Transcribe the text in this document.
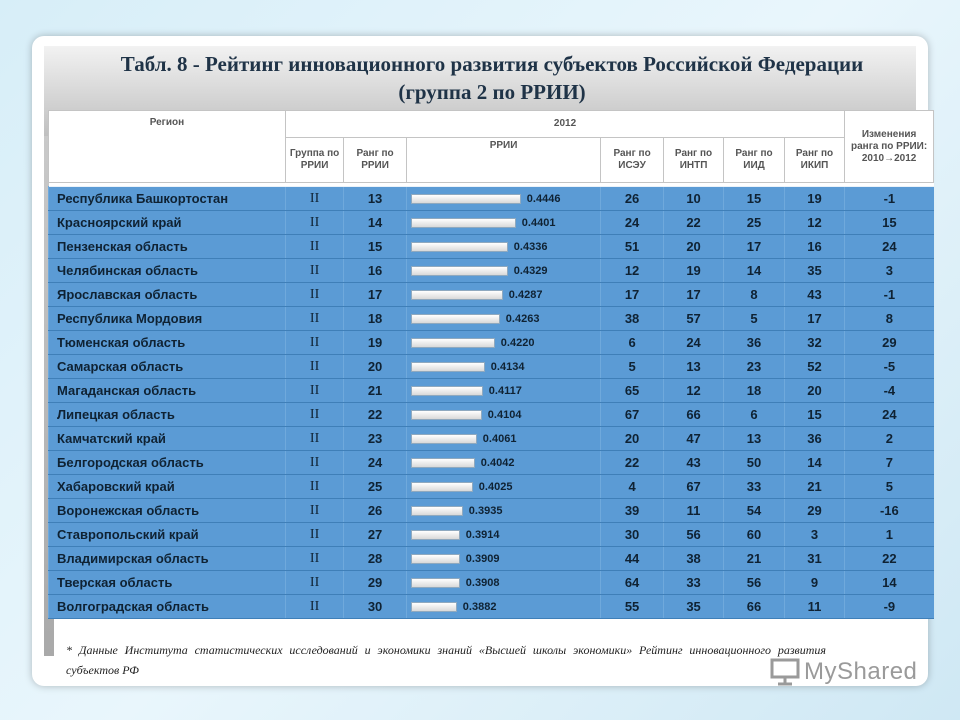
Табл. 8 - Рейтинг инновационного развития субъектов Российской Федерации
(группа 2 по РРИИ)
Регион	2012							Изменения ранга по РРИИ: 2010→2012
	Группа по РРИИ	Ранг по РРИИ	РРИИ	Ранг по ИСЭУ	Ранг по ИНТП	Ранг по ИИД	Ранг по ИКИП	

Республика Башкортостан	II	13	0.4446	26	10	15	19	-1
Красноярский край	II	14	0.4401	24	22	25	12	15
Пензенская область	II	15	0.4336	51	20	17	16	24
Челябинская область	II	16	0.4329	12	19	14	35	3
Ярославская область	II	17	0.4287	17	17	8	43	-1
Республика Мордовия	II	18	0.4263	38	57	5	17	8
Тюменская область	II	19	0.4220	6	24	36	32	29
Самарская область	II	20	0.4134	5	13	23	52	-5
Магаданская область	II	21	0.4117	65	12	18	20	-4
Липецкая область	II	22	0.4104	67	66	6	15	24
Камчатский край	II	23	0.4061	20	47	13	36	2
Белгородская область	II	24	0.4042	22	43	50	14	7
Хабаровский край	II	25	0.4025	4	67	33	21	5
Воронежская область	II	26	0.3935	39	11	54	29	-16
Ставропольский край	II	27	0.3914	30	56	60	3	1
Владимирская область	II	28	0.3909	44	38	21	31	22
Тверская область	II	29	0.3908	64	33	56	9	14
Волгоградская область	II	30	0.3882	55	35	66	11	-9
* Данные Института статистических исследований и экономики знаний «Высшей школы экономики» Рейтинг инновационного развития субъектов РФ	MyShared
